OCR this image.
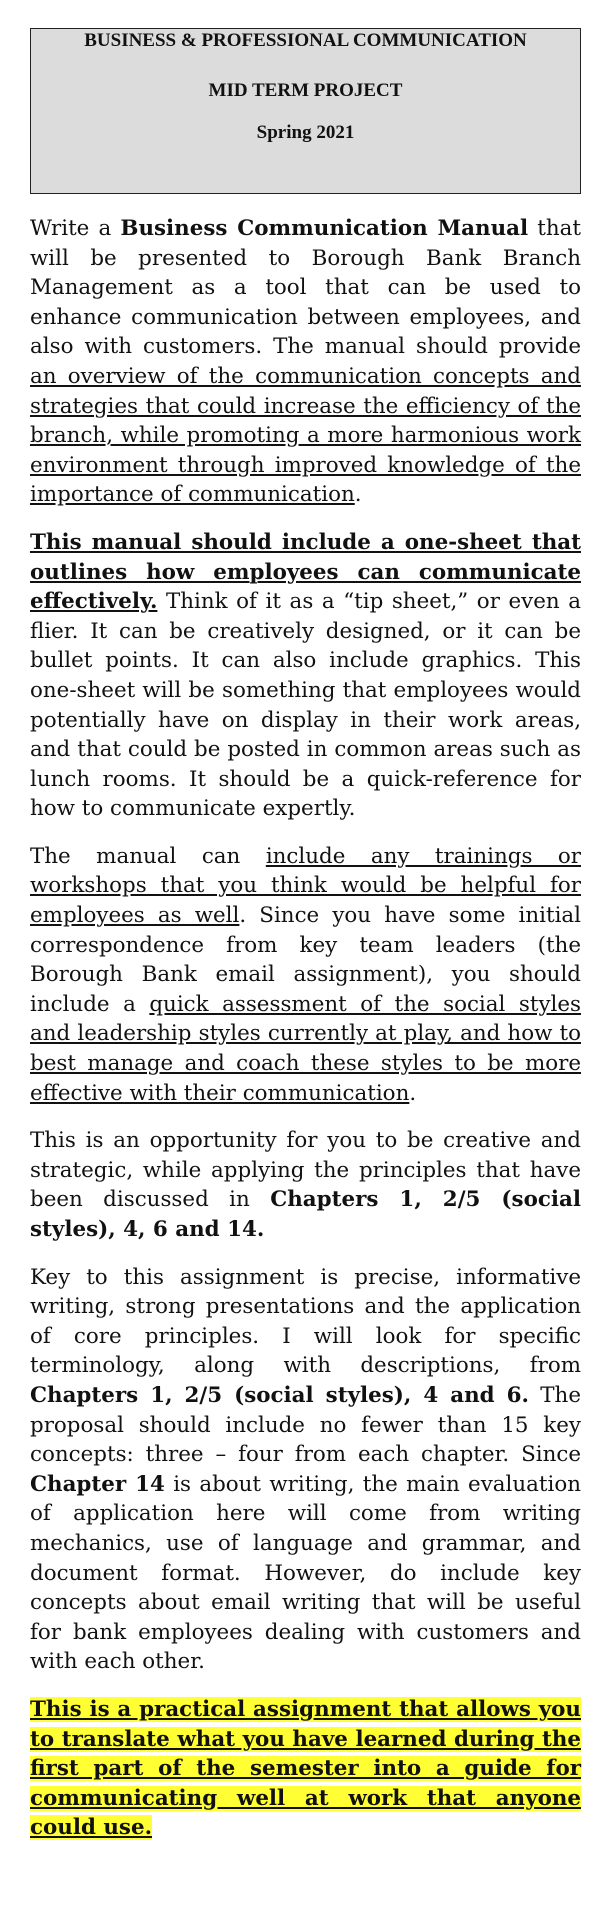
BUSINESS & PROFESSIONAL COMMUNICATION
MID TERM PROJECT
Spring 2021

Write a Business Communication Manual that will be presented to Borough Bank Branch Management as a tool that can be used to enhance communication between employees, and also with customers. The manual should provide an overview of the communication concepts and strategies that could increase the efficiency of the branch, while promoting a more harmonious work environment through improved knowledge of the importance of communication.

This manual should include a one-sheet that outlines how employees can communicate effectively. Think of it as a “tip sheet,” or even a flier. It can be creatively designed, or it can be bullet points. It can also include graphics. This one-sheet will be something that employees would potentially have on display in their work areas, and that could be posted in common areas such as lunch rooms. It should be a quick-reference for how to communicate expertly.

The manual can include any trainings or workshops that you think would be helpful for employees as well. Since you have some initial correspondence from key team leaders (the Borough Bank email assignment), you should include a quick assessment of the social styles and leadership styles currently at play, and how to best manage and coach these styles to be more effective with their communication.

This is an opportunity for you to be creative and strategic, while applying the principles that have been discussed in Chapters 1, 2/5 (social styles), 4, 6 and 14.

Key to this assignment is precise, informative writing, strong presentations and the application of core principles. I will look for specific terminology, along with descriptions, from Chapters 1, 2/5 (social styles), 4 and 6. The proposal should include no fewer than 15 key concepts: three – four from each chapter. Since Chapter 14 is about writing, the main evaluation of application here will come from writing mechanics, use of language and grammar, and document format. However, do include key concepts about email writing that will be useful for bank employees dealing with customers and with each other.

This is a practical assignment that allows you to translate what you have learned during the first part of the semester into a guide for communicating well at work that anyone could use.
